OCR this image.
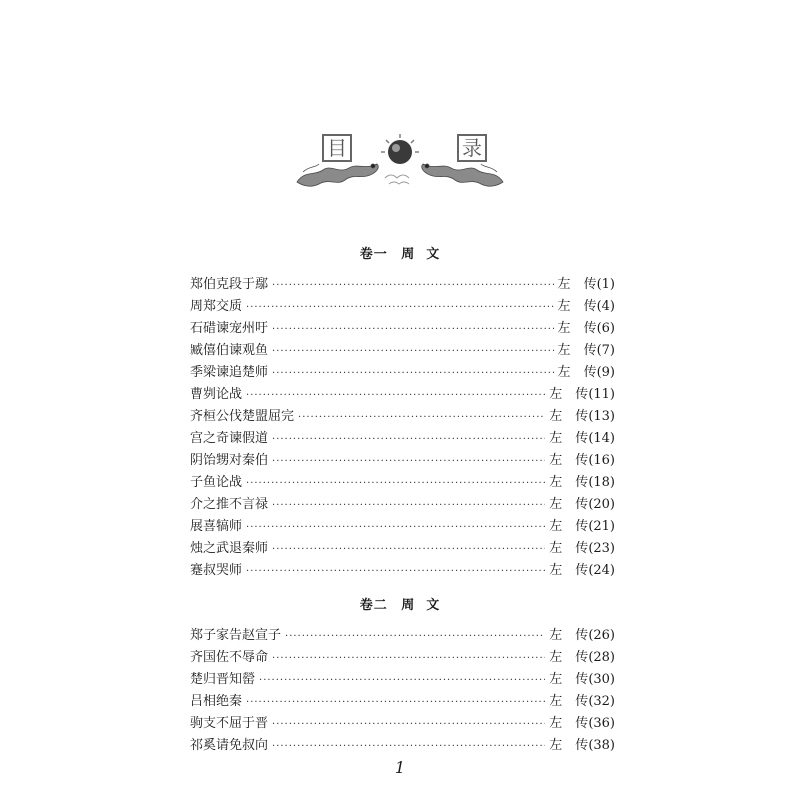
目	录
卷一 周  文
郑伯克段于鄢 ·····	左 传 (1)
周郑交质 ·····	左 传 (4)
石碏谏宠州吁 ·····	左 传 (6)
臧僖伯谏观鱼 ·····	左 传 (7)
季梁谏追楚师 ·····	左 传 (9)
曹刿论战 ·····	左 传 (11)
齐桓公伐楚盟屈完 ·····	左 传 (13)
宫之奇谏假道 ·····	左 传 (14)
阴饴甥对秦伯 ·····	左 传 (16)
子鱼论战 ·····	左 传 (18)
介之推不言禄 ·····	左 传 (20)
展喜犒师 ·····	左 传 (21)
烛之武退秦师 ·····	左 传 (23)
蹇叔哭师 ·····	左 传 (24)
卷二 周  文
郑子家告赵宣子 ·····	左 传 (26)
齐国佐不辱命 ·····	左 传 (28)
楚归晋知罃 ·····	左 传 (30)
吕相绝秦 ·····	左 传 (32)
驹支不屈于晋 ·····	左 传 (36)
祁奚请免叔向 ·····	左 传 (38)
1
